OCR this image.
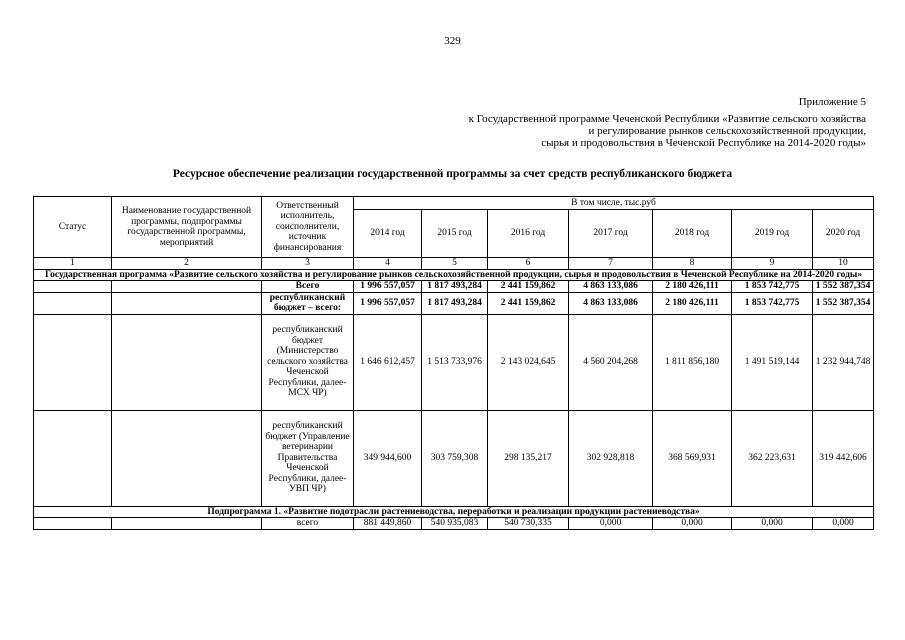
329
Приложение 5
к Государственной программе Чеченской Республики «Развитие сельского хозяйства
и регулирование рынков сельскохозяйственной продукции,
сырья и продовольствия в Чеченской Республике на 2014-2020 годы»
Ресурсное обеспечение реализации государственной программы за счет средств республиканского бюджета
Статус	Наименование государственной программы, подпрограммы государственной программы, мероприятий	Ответственный исполнитель, соисполнители, источник финансирования	В том числе, тыс.руб						
			2014 год	2015 год	2016 год	2017 год	2018 год	2019 год	2020 год
1	2	3	4	5	6	7	8	9	10
Государственная программа «Развитие сельского хозяйства и регулирование рынков сельскохозяйственной продукции, сырья и продовольствия в Чеченской Республике на 2014-2020 годы»									
		Всего	1 996 557,057	1 817 493,284	2 441 159,862	4 863 133,086	2 180 426,111	1 853 742,775	1 552 387,354
		республиканский бюджет – всего:	1 996 557,057	1 817 493,284	2 441 159,862	4 863 133,086	2 180 426,111	1 853 742,775	1 552 387,354
		республиканский бюджет (Министерство сельского хозяйства Чеченской Республики, далее-МСХ ЧР)	1 646 612,457	1 513 733,976	2 143 024,645	4 560 204,268	1 811 856,180	1 491 519,144	1 232 944,748
		республиканский бюджет (Управление ветеринарии Правительства Чеченской Республики, далее-УВП ЧР)	349 944,600	303 759,308	298 135,217	302 928,818	368 569,931	362 223,631	319 442,606
Подпрограмма 1. «Развитие подотрасли растениеводства, переработки и реализации продукции растениеводства»									
		всего	881 449,860	540 935,083	540 730,335	0,000	0,000	0,000	0,000
